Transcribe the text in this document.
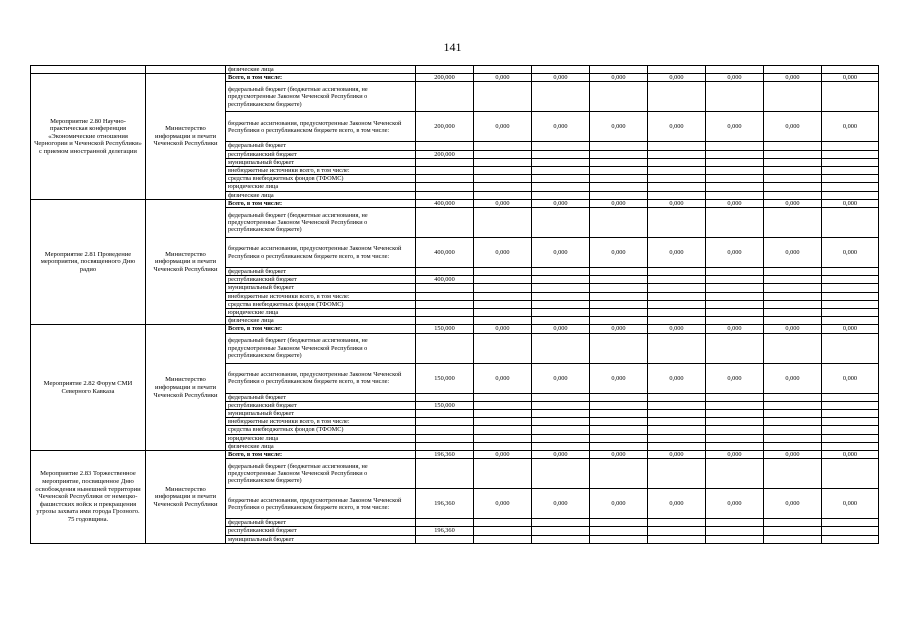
141
		физические лица								
Мероприятие 2.80 Научно-практическая конференция «Экономические отношения Черногории и Чеченской Республики» с приемом иностранной делегации	Министерство информации и печати Чеченской Республики	Всего, в том числе:	200,000	0,000	0,000	0,000	0,000	0,000	0,000	0,000
		федеральный бюджет (бюджетные ассигнования, не предусмотренные Законом Чеченской Республики о республиканском бюджете)								
		бюджетные ассигнования, предусмотренные Законом Чеченской Республики о республиканском бюджете всего, в том числе:	200,000	0,000	0,000	0,000	0,000	0,000	0,000	0,000
		федеральный бюджет								
		республиканский бюджет	200,000							
		муниципальный бюджет								
		внебюджетные источники всего, в том числе:								
		средства внебюджетных фондов (ТФОМС)								
		юридические лица								
		физические лица								
Мероприятие 2.81 Проведение мероприятия, посвященного Дню радио	Министерство информации и печати Чеченской Республики	Всего, в том числе:	400,000	0,000	0,000	0,000	0,000	0,000	0,000	0,000
		федеральный бюджет (бюджетные ассигнования, не предусмотренные Законом Чеченской Республики о республиканском бюджете)								
		бюджетные ассигнования, предусмотренные Законом Чеченской Республики о республиканском бюджете всего, в том числе:	400,000	0,000	0,000	0,000	0,000	0,000	0,000	0,000
		федеральный бюджет								
		республиканский бюджет	400,000							
		муниципальный бюджет								
		внебюджетные источники всего, в том числе:								
		средства внебюджетных фондов (ТФОМС)								
		юридические лица								
		физические лица								
Мероприятие 2.82 Форум СМИ Северного Кавказа	Министерство информации и печати Чеченской Республики	Всего, в том числе:	150,000	0,000	0,000	0,000	0,000	0,000	0,000	0,000
		федеральный бюджет (бюджетные ассигнования, не предусмотренные Законом Чеченской Республики о республиканском бюджете)								
		бюджетные ассигнования, предусмотренные Законом Чеченской Республики о республиканском бюджете всего, в том числе:	150,000	0,000	0,000	0,000	0,000	0,000	0,000	0,000
		федеральный бюджет								
		республиканский бюджет	150,000							
		муниципальный бюджет								
		внебюджетные источники всего, в том числе:								
		средства внебюджетных фондов (ТФОМС)								
		юридические лица								
		физические лица								
Мероприятие 2.83 Торжественное мероприятие, посвященное Дню освобождения нынешней территории Чеченской Республики от немецко-фашистских войск и прекращения угрозы захвата ими города Грозного. 75 годовщина.	Министерство информации и печати Чеченской Республики	Всего, в том числе:	196,360	0,000	0,000	0,000	0,000	0,000	0,000	0,000
		федеральный бюджет (бюджетные ассигнования, не предусмотренные Законом Чеченской Республики о республиканском бюджете)								
		бюджетные ассигнования, предусмотренные Законом Чеченской Республики о республиканском бюджете всего, в том числе:	196,360	0,000	0,000	0,000	0,000	0,000	0,000	0,000
		федеральный бюджет								
		республиканский бюджет	196,360							
		муниципальный бюджет								
